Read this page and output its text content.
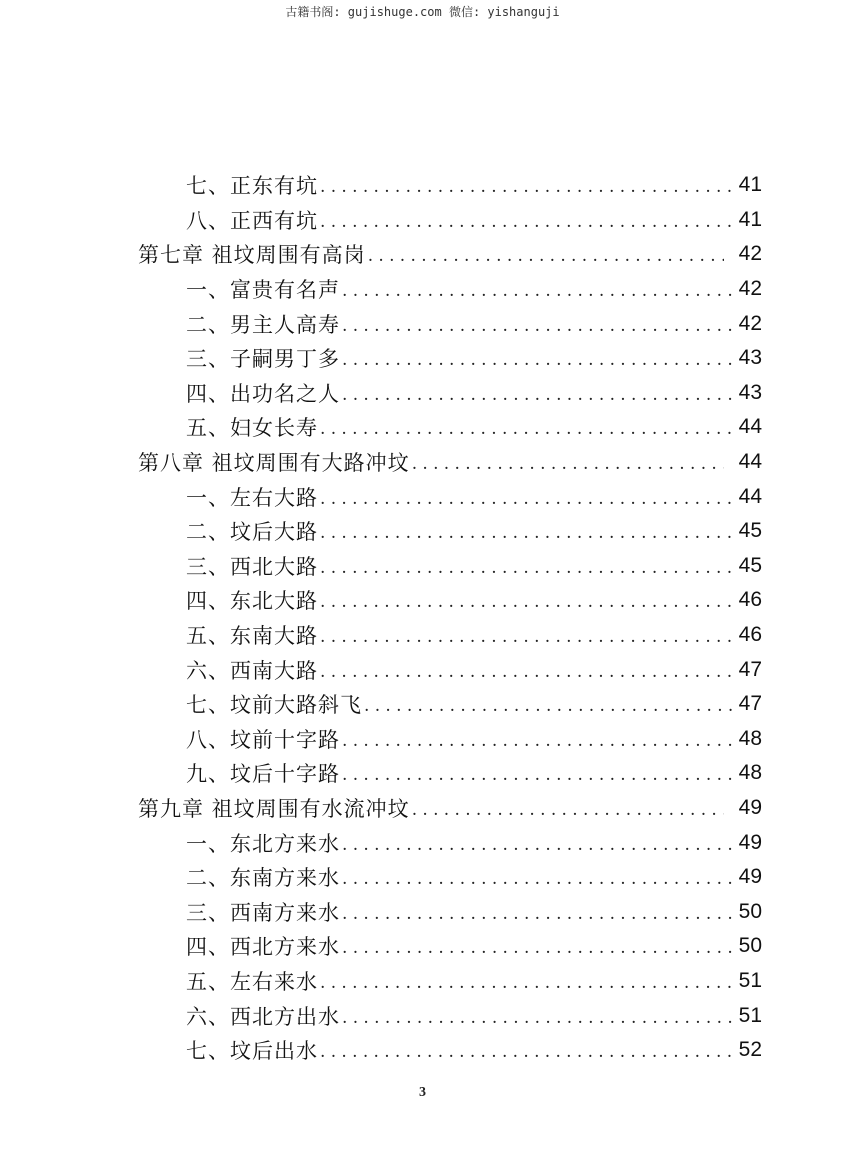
古籍书阁: gujishuge.com 微信: yishanguji
七、正东有坑 .....	41
八、正西有坑 .....	41
第七章 祖坟周围有高岗 .....	42
一、富贵有名声 .....	42
二、男主人高寿 .....	42
三、子嗣男丁多 .....	43
四、出功名之人 .....	43
五、妇女长寿 .....	44
第八章 祖坟周围有大路冲坟 .....	44
一、左右大路 .....	44
二、坟后大路 .....	45
三、西北大路 .....	45
四、东北大路 .....	46
五、东南大路 .....	46
六、西南大路 .....	47
七、坟前大路斜飞 .....	47
八、坟前十字路 .....	48
九、坟后十字路 .....	48
第九章 祖坟周围有水流冲坟 .....	49
一、东北方来水 .....	49
二、东南方来水 .....	49
三、西南方来水 .....	50
四、西北方来水 .....	50
五、左右来水 .....	51
六、西北方出水 .....	51
七、坟后出水 .....	52
3
